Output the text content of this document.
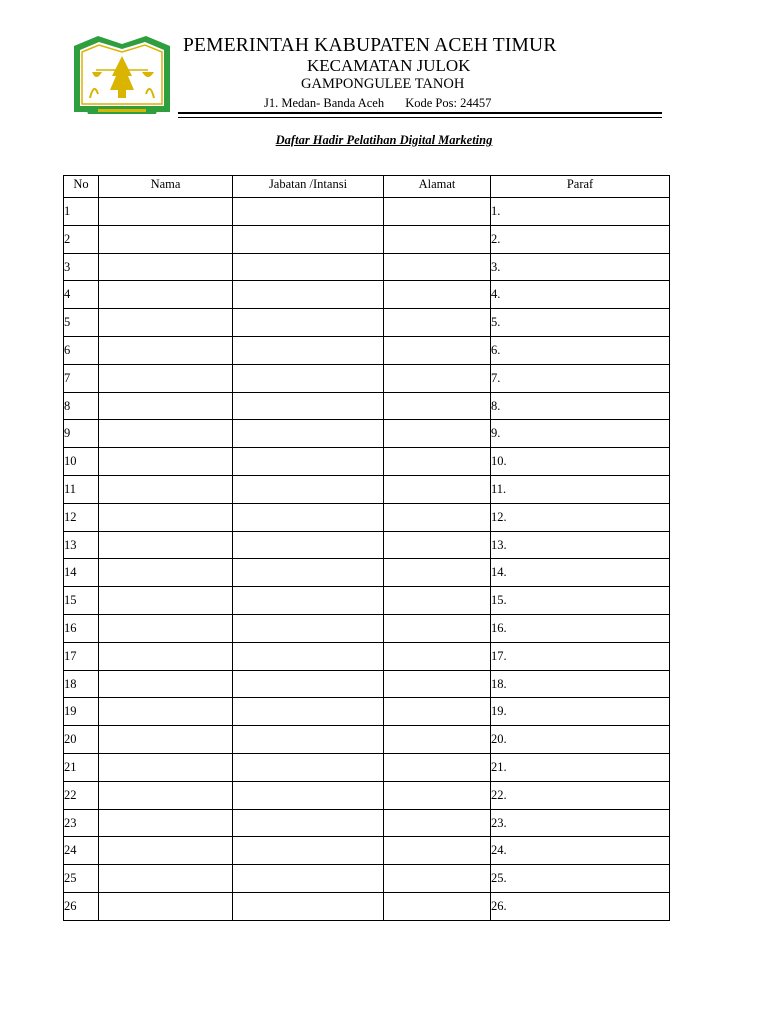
PEMERINTAH KABUPATEN ACEH TIMUR
KECAMATAN JULOK
GAMPONGULEE TANOH
J1. Medan- Banda Aceh Kode Pos: 24457
Daftar Hadir Pelatihan Digital Marketing
No	Nama	Jabatan /Intansi	Alamat	Paraf
1				1.
2				2.
3				3.
4				4.
5				5.
6				6.
7				7.
8				8.
9				9.
10				10.
11				11.
12				12.
13				13.
14				14.
15				15.
16				16.
17				17.
18				18.
19				19.
20				20.
21				21.
22				22.
23				23.
24				24.
25				25.
26				26.
